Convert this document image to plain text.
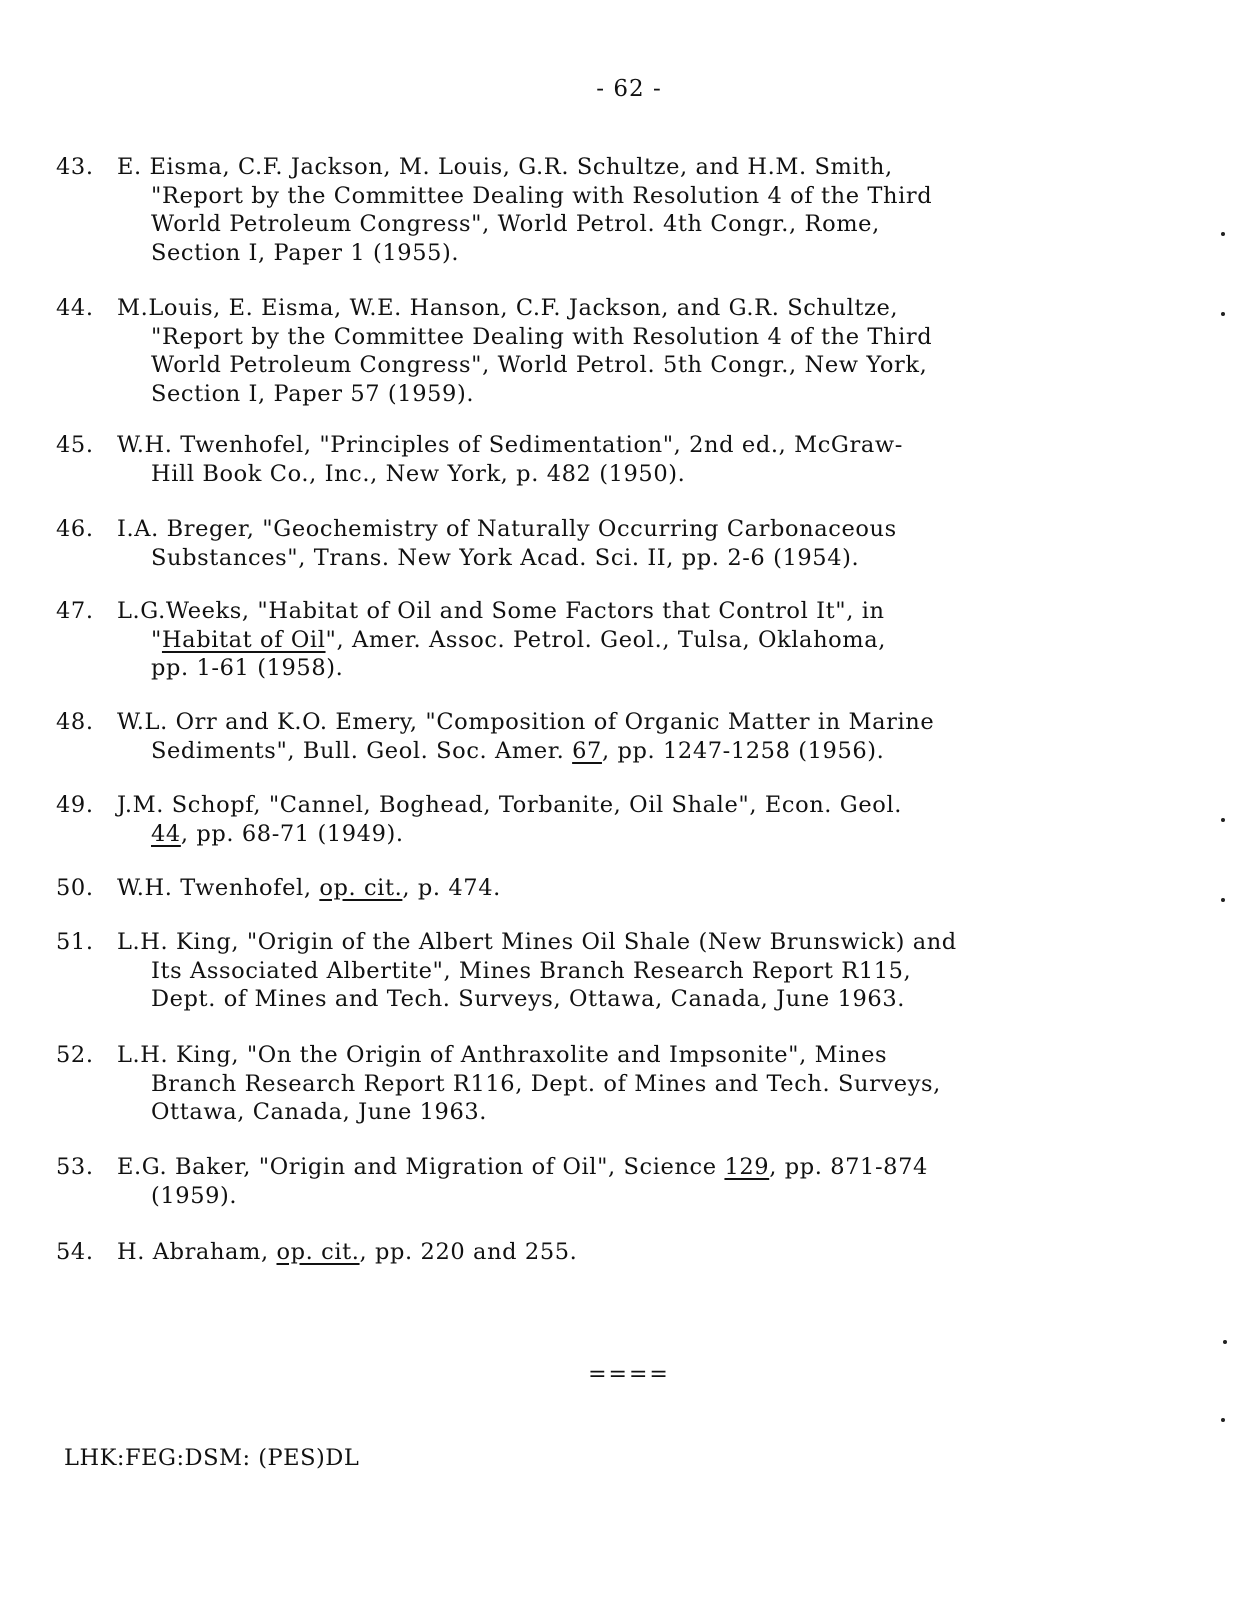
- 62 -
43. E. Eisma, C.F. Jackson, M. Louis, G.R. Schultze, and H.M. Smith,
"Report by the Committee Dealing with Resolution 4 of the Third
World Petroleum Congress", World Petrol. 4th Congr., Rome,
Section I, Paper 1 (1955).
44. M.Louis, E. Eisma, W.E. Hanson, C.F. Jackson, and G.R. Schultze,
"Report by the Committee Dealing with Resolution 4 of the Third
World Petroleum Congress", World Petrol. 5th Congr., New York,
Section I, Paper 57 (1959).
45. W.H. Twenhofel, "Principles of Sedimentation", 2nd ed., McGraw-
Hill Book Co., Inc., New York, p. 482 (1950).
46. I.A. Breger, "Geochemistry of Naturally Occurring Carbonaceous
Substances", Trans. New York Acad. Sci. II, pp. 2-6 (1954).
47. L.G.Weeks, "Habitat of Oil and Some Factors that Control It", in
"Habitat of Oil", Amer. Assoc. Petrol. Geol., Tulsa, Oklahoma,
pp. 1-61 (1958).
48. W.L. Orr and K.O. Emery, "Composition of Organic Matter in Marine
Sediments", Bull. Geol. Soc. Amer. 67, pp. 1247-1258 (1956).
49. J.M. Schopf, "Cannel, Boghead, Torbanite, Oil Shale", Econ. Geol.
44, pp. 68-71 (1949).
50. W.H. Twenhofel, op. cit., p. 474.
51. L.H. King, "Origin of the Albert Mines Oil Shale (New Brunswick) and
Its Associated Albertite", Mines Branch Research Report R115,
Dept. of Mines and Tech. Surveys, Ottawa, Canada, June 1963.
52. L.H. King, "On the Origin of Anthraxolite and Impsonite", Mines
Branch Research Report R116, Dept. of Mines and Tech. Surveys,
Ottawa, Canada, June 1963.
53. E.G. Baker, "Origin and Migration of Oil", Science 129, pp. 871-874
(1959).
54. H. Abraham, op. cit., pp. 220 and 255.
====
LHK:FEG:DSM: (PES)DL
